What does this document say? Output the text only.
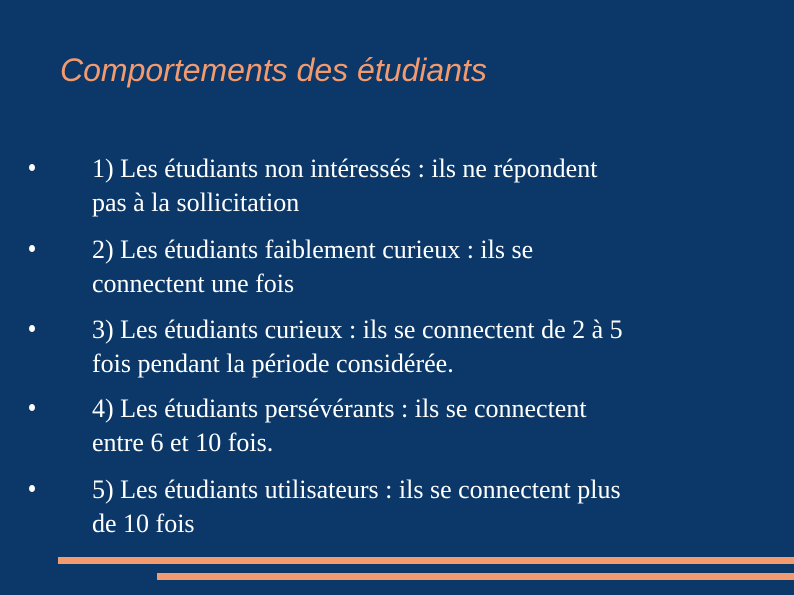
Comportements des étudiants
1) Les étudiants non intéressés : ils ne répondent
pas à la sollicitation
2) Les étudiants faiblement curieux : ils se
connectent une fois
3) Les étudiants curieux : ils se connectent de 2 à 5
fois pendant la période considérée.
4) Les étudiants persévérants : ils se connectent
entre 6 et 10 fois.
5) Les étudiants utilisateurs : ils se connectent plus
de 10 fois
